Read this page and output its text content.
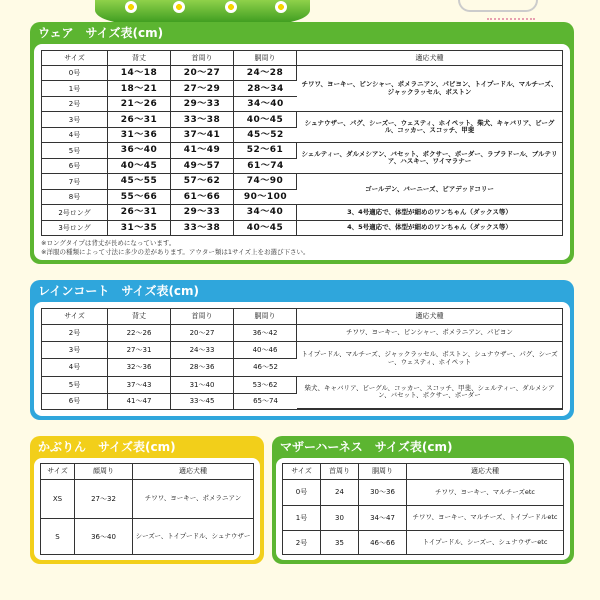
ウェア　サイズ表(cm)
サイズ	背丈	首周り	胴周り	適応犬種
0号	14～18	20～27	24～28	チワワ、ヨーキー、ピンシャー、ポメラニアン、パピヨン、トイプードル、マルチーズ、ジャックラッセル、ボストン
1号	18～21	27～29	28～34	
2号	21～26	29～33	34～40	
3号	26～31	33～38	40～45	シュナウザー、パグ、シーズー、ウェスティ、ホイペット、柴犬、キャバリア、ビーグル、コッカー、スコッチ、甲斐
4号	31～36	37～41	45～52	
5号	36～40	41～49	52～61	シェルティー、ダルメシアン、バセット、ボクサー、ボーダー、ラブラドール、ブルテリア、ハスキー、ワイマラナー
6号	40～45	49～57	61～74	
7号	45～55	57～62	74～90	ゴールデン、バーニーズ、ビアデッドコリー
8号	55～66	61～66	90～100	
2号ロング	26～31	29～33	34～40	3、4号適応で、体型が細めのワンちゃん（ダックス等）
3号ロング	31～35	33～38	40～45	4、5号適応で、体型が細めのワンちゃん（ダックス等）
※ロングタイプは背丈が長めになっています。
※洋服の種類によって寸法に多少の差があります。アウター類は1サイズ上をお選び下さい。
レインコート　サイズ表(cm)
サイズ	背丈	首周り	胴周り	適応犬種
2号	22～26	20～27	36～42	チワワ、ヨーキー、ピンシャー、ポメラニアン、パピヨン
3号	27～31	24～33	40～46	トイプードル、マルチーズ、ジャックラッセル、ボストン、シュナウザー、パグ、シーズー、ウェスティ、ホイペット
4号	32～36	28～36	46～52	
5号	37～43	31～40	53～62	柴犬、キャバリア、ビーグル、コッカー、スコッチ、甲斐、シェルティー、ダルメシアン、バセット、ボクサー、ボーダー
6号	41～47	33～45	65～74	
かぶりん　サイズ表(cm)
サイズ	顔周り	適応犬種
XS	27～32	チワワ、ヨーキー、ポメラニアン
S	36～40	シーズー、トイプードル、シュナウザー
マザーハーネス　サイズ表(cm)
サイズ	首周り	胴周り	適応犬種
0号	24	30～36	チワワ、ヨーキー、マルチーズetc
1号	30	34～47	チワワ、ヨーキー、マルチーズ、トイプードルetc
2号	35	46～66	トイプードル、シーズー、シュナウザーetc
